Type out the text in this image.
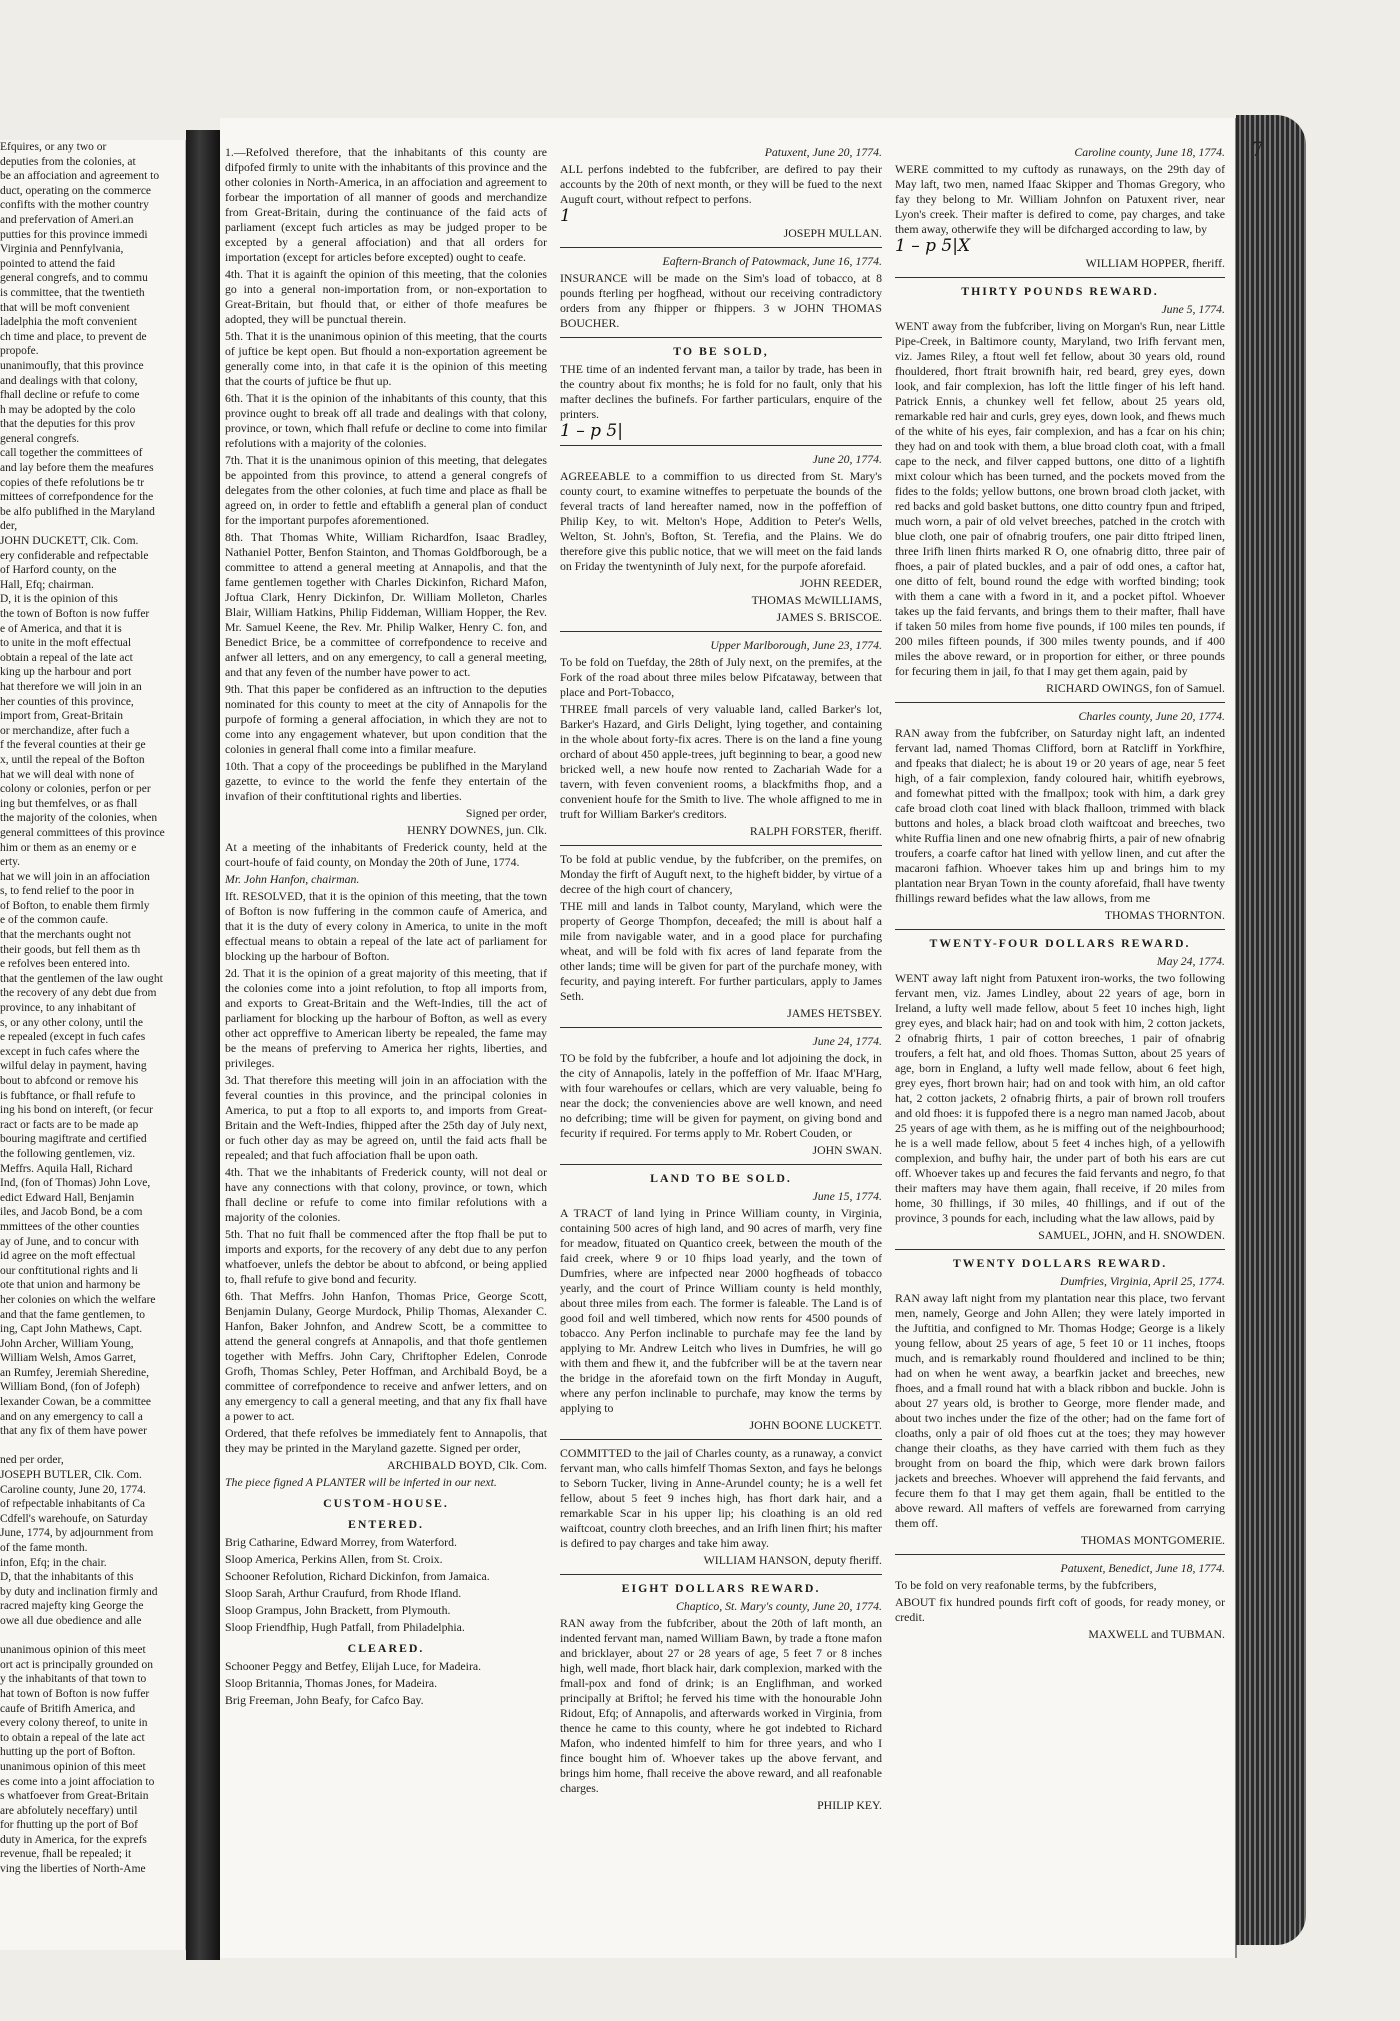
Efquires, or any two or

deputies from the colonies, at

be an affociation and agreement to

duct, operating on the commerce

confifts with the mother country

and prefervation of Ameri.an

putties for this province immedi

Virginia and Pennfylvania,

pointed to attend the faid

general congrefs, and to commu

is committee, that the twentieth

that will be moft convenient

ladelphia the moft convenient

ch time and place, to prevent de

propofe.

unanimoufly, that this province

and dealings with that colony,

fhall decline or refufe to come

h may be adopted by the colo

that the deputies for this prov

general congrefs.

call together the committees of

and lay before them the meafures

copies of thefe refolutions be tr

mittees of correfpondence for the

be alfo publifhed in the Maryland

der,

JOHN DUCKETT, Clk. Com.

ery confiderable and refpectable

of Harford county, on the

Hall, Efq; chairman.

D, it is the opinion of this

the town of Bofton is now fuffer

e of America, and that it is

to unite in the moft effectual

obtain a repeal of the late act

king up the harbour and port

hat therefore we will join in an

her counties of this province,

import from, Great-Britain

or merchandize, after fuch a

f the feveral counties at their ge

x, until the repeal of the Bofton

hat we will deal with none of

colony or colonies, perfon or per

ing but themfelves, or as fhall

the majority of the colonies, when

general committees of this province

him or them as an enemy or e

erty.

hat we will join in an affociation

s, to fend relief to the poor in

of Bofton, to enable them firmly

e of the common caufe.

that the merchants ought not

their goods, but fell them as th

e refolves been entered into.

that the gentlemen of the law ought

the recovery of any debt due from

province, to any inhabitant of

s, or any other colony, until the

e repealed (except in fuch cafes

except in fuch cafes where the

wilful delay in payment, having

bout to abfcond or remove his

is fubftance, or fhall refufe to

ing his bond on intereft, (or fecur

ract or facts are to be made ap

bouring magiftrate and certified

the following gentlemen, viz.

Meffrs. Aquila Hall, Richard

Ind, (fon of Thomas) John Love,

edict Edward Hall, Benjamin

iles, and Jacob Bond, be a com

mmittees of the other counties

ay of June, and to concur with

id agree on the moft effectual

our conftitutional rights and li

ote that union and harmony be

her colonies on which the welfare

and that the fame gentlemen, to

ing, Capt John Mathews, Capt.

John Archer, William Young,

William Welsh, Amos Garret,

an Rumfey, Jeremiah Sheredine,

William Bond, (fon of Jofeph)

lexander Cowan, be a committee

and on any emergency to call a

that any fix of them have power

ned per order,

JOSEPH BUTLER, Clk. Com.

Caroline county, June 20, 1774.

of refpectable inhabitants of Ca

Cdfell's warehoufe, on Saturday

June, 1774, by adjournment from

of the fame month.

infon, Efq; in the chair.

D, that the inhabitants of this

by duty and inclination firmly and

racred majefty king George the

owe all due obedience and alle

unanimous opinion of this meet

ort act is principally grounded on

y the inhabitants of that town to

hat town of Bofton is now fuffer

caufe of Britifh America, and

every colony thereof, to unite in

to obtain a repeal of the late act

hutting up the port of Bofton.

unanimous opinion of this meet

es come into a joint affociation to

s whatfoever from Great-Britain

are abfolutely neceffary) until

for fhutting up the port of Bof

duty in America, for the exprefs

revenue, fhall be repealed; it

ving the liberties of North-Ame

7

1.—Refolved therefore, that the inhabitants of this county are difpofed firmly to unite with the inhabitants of this province and the other colonies in North-America, in an affociation and agreement to forbear the importation of all manner of goods and merchandize from Great-Britain, during the continuance of the faid acts of parliament (except fuch articles as may be judged proper to be excepted by a general affociation) and that all orders for importation (except for articles before excepted) ought to ceafe.

4th. That it is againft the opinion of this meeting, that the colonies go into a general non-importation from, or non-exportation to Great-Britain, but fhould that, or either of thofe meafures be adopted, they will be punctual therein.

5th. That it is the unanimous opinion of this meeting, that the courts of juftice be kept open. But fhould a non-exportation agreement be generally come into, in that cafe it is the opinion of this meeting that the courts of juftice be fhut up.

6th. That it is the opinion of the inhabitants of this county, that this province ought to break off all trade and dealings with that colony, province, or town, which fhall refufe or decline to come into fimilar refolutions with a majority of the colonies.

7th. That it is the unanimous opinion of this meeting, that delegates be appointed from this province, to attend a general congrefs of delegates from the other colonies, at fuch time and place as fhall be agreed on, in order to fettle and eftablifh a general plan of conduct for the important purpofes aforementioned.

8th. That Thomas White, William Richardfon, Isaac Bradley, Nathaniel Potter, Benfon Stainton, and Thomas Goldfborough, be a committee to attend a general meeting at Annapolis, and that the fame gentlemen together with Charles Dickinfon, Richard Mafon, Joftua Clark, Henry Dickinfon, Dr. William Molleton, Charles Blair, William Hatkins, Philip Fiddeman, William Hopper, the Rev. Mr. Samuel Keene, the Rev. Mr. Philip Walker, Henry C. fon, and Benedict Brice, be a committee of correfpondence to receive and anfwer all letters, and on any emergency, to call a general meeting, and that any feven of the number have power to act.

9th. That this paper be confidered as an inftruction to the deputies nominated for this county to meet at the city of Annapolis for the purpofe of forming a general affociation, in which they are not to come into any engagement whatever, but upon condition that the colonies in general fhall come into a fimilar meafure.

10th. That a copy of the proceedings be publifhed in the Maryland gazette, to evince to the world the fenfe they entertain of the invafion of their conftitutional rights and liberties.

Signed per order,

HENRY DOWNES, jun. Clk.

At a meeting of the inhabitants of Frederick county, held at the court-houfe of faid county, on Monday the 20th of June, 1774.

Mr. John Hanfon, chairman.

Ift. RESOLVED, that it is the opinion of this meeting, that the town of Bofton is now fuffering in the common caufe of America, and that it is the duty of every colony in America, to unite in the moft effectual means to obtain a repeal of the late act of parliament for blocking up the harbour of Bofton.

2d. That it is the opinion of a great majority of this meeting, that if the colonies come into a joint refolution, to ftop all imports from, and exports to Great-Britain and the Weft-Indies, till the act of parliament for blocking up the harbour of Bofton, as well as every other act oppreffive to American liberty be repealed, the fame may be the means of preferving to America her rights, liberties, and privileges.

3d. That therefore this meeting will join in an affociation with the feveral counties in this province, and the principal colonies in America, to put a ftop to all exports to, and imports from Great-Britain and the Weft-Indies, fhipped after the 25th day of July next, or fuch other day as may be agreed on, until the faid acts fhall be repealed; and that fuch affociation fhall be upon oath.

4th. That we the inhabitants of Frederick county, will not deal or have any connections with that colony, province, or town, which fhall decline or refufe to come into fimilar refolutions with a majority of the colonies.

5th. That no fuit fhall be commenced after the ftop fhall be put to imports and exports, for the recovery of any debt due to any perfon whatfoever, unlefs the debtor be about to abfcond, or being applied to, fhall refufe to give bond and fecurity.

6th. That Meffrs. John Hanfon, Thomas Price, George Scott, Benjamin Dulany, George Murdock, Philip Thomas, Alexander C. Hanfon, Baker Johnfon, and Andrew Scott, be a committee to attend the general congrefs at Annapolis, and that thofe gentlemen together with Meffrs. John Cary, Chriftopher Edelen, Conrode Grofh, Thomas Schley, Peter Hoffman, and Archibald Boyd, be a committee of correfpondence to receive and anfwer letters, and on any emergency to call a general meeting, and that any fix fhall have a power to act.

Ordered, that thefe refolves be immediately fent to Annapolis, that they may be printed in the Maryland gazette. Signed per order,

ARCHIBALD BOYD, Clk. Com.

The piece figned A PLANTER will be inferted in our next.

CUSTOM-HOUSE.

ENTERED.

Brig Catharine, Edward Morrey, from Waterford.

Sloop America, Perkins Allen, from St. Croix.

Schooner Refolution, Richard Dickinfon, from Jamaica.

Sloop Sarah, Arthur Craufurd, from Rhode Ifland.

Sloop Grampus, John Brackett, from Plymouth.

Sloop Friendfhip, Hugh Patfall, from Philadelphia.

CLEARED.

Schooner Peggy and Betfey, Elijah Luce, for Madeira.

Sloop Britannia, Thomas Jones, for Madeira.

Brig Freeman, John Beafy, for Cafco Bay.

Patuxent, June 20, 1774.

ALL perfons indebted to the fubfcriber, are defired to pay their accounts by the 20th of next month, or they will be fued to the next Auguft court, without refpect to perfons.

1

JOSEPH MULLAN.

Eaftern-Branch of Patowmack, June 16, 1774.

INSURANCE will be made on the Sim's load of tobacco, at 8 pounds fterling per hogfhead, without our receiving contradictory orders from any fhipper or fhippers. 3 w JOHN THOMAS BOUCHER.

TO BE SOLD,

THE time of an indented fervant man, a tailor by trade, has been in the country about fix months; he is fold for no fault, only that his mafter declines the bufinefs. For farther particulars, enquire of the printers.

1 – p 5|

June 20, 1774.

AGREEABLE to a commiffion to us directed from St. Mary's county court, to examine witneffes to perpetuate the bounds of the feveral tracts of land hereafter named, now in the poffeffion of Philip Key, to wit. Melton's Hope, Addition to Peter's Wells, Welton, St. John's, Bofton, St. Terefia, and the Plains. We do therefore give this public notice, that we will meet on the faid lands on Friday the twentyninth of July next, for the purpofe aforefaid.

JOHN REEDER,

THOMAS McWILLIAMS,

JAMES S. BRISCOE.

Upper Marlborough, June 23, 1774.

To be fold on Tuefday, the 28th of July next, on the premifes, at the Fork of the road about three miles below Pifcataway, between that place and Port-Tobacco,

THREE fmall parcels of very valuable land, called Barker's lot, Barker's Hazard, and Girls Delight, lying together, and containing in the whole about forty-fix acres. There is on the land a fine young orchard of about 450 apple-trees, juft beginning to bear, a good new bricked well, a new houfe now rented to Zachariah Wade for a tavern, with feven convenient rooms, a blackfmiths fhop, and a convenient houfe for the Smith to live. The whole affigned to me in truft for William Barker's creditors.

RALPH FORSTER, fheriff.

To be fold at public vendue, by the fubfcriber, on the premifes, on Monday the firft of Auguft next, to the higheft bidder, by virtue of a decree of the high court of chancery,

THE mill and lands in Talbot county, Maryland, which were the property of George Thompfon, deceafed; the mill is about half a mile from navigable water, and in a good place for purchafing wheat, and will be fold with fix acres of land feparate from the other lands; time will be given for part of the purchafe money, with fecurity, and paying intereft. For further particulars, apply to James Seth.

JAMES HETSBEY.

June 24, 1774.

TO be fold by the fubfcriber, a houfe and lot adjoining the dock, in the city of Annapolis, lately in the poffeffion of Mr. Ifaac M'Harg, with four warehoufes or cellars, which are very valuable, being fo near the dock; the conveniencies above are well known, and need no defcribing; time will be given for payment, on giving bond and fecurity if required. For terms apply to Mr. Robert Couden, or

JOHN SWAN.

LAND TO BE SOLD.

June 15, 1774.

A TRACT of land lying in Prince William county, in Virginia, containing 500 acres of high land, and 90 acres of marfh, very fine for meadow, fituated on Quantico creek, between the mouth of the faid creek, where 9 or 10 fhips load yearly, and the town of Dumfries, where are infpected near 2000 hogfheads of tobacco yearly, and the court of Prince William county is held monthly, about three miles from each. The former is faleable. The Land is of good foil and well timbered, which now rents for 4500 pounds of tobacco. Any Perfon inclinable to purchafe may fee the land by applying to Mr. Andrew Leitch who lives in Dumfries, he will go with them and fhew it, and the fubfcriber will be at the tavern near the bridge in the aforefaid town on the firft Monday in Auguft, where any perfon inclinable to purchafe, may know the terms by applying to

JOHN BOONE LUCKETT.

COMMITTED to the jail of Charles county, as a runaway, a convict fervant man, who calls himfelf Thomas Sexton, and fays he belongs to Seborn Tucker, living in Anne-Arundel county; he is a well fet fellow, about 5 feet 9 inches high, has fhort dark hair, and a remarkable Scar in his upper lip; his cloathing is an old red waiftcoat, country cloth breeches, and an Irifh linen fhirt; his mafter is defired to pay charges and take him away.

WILLIAM HANSON, deputy fheriff.

EIGHT DOLLARS REWARD.

Chaptico, St. Mary's county, June 20, 1774.

RAN away from the fubfcriber, about the 20th of laft month, an indented fervant man, named William Bawn, by trade a ftone mafon and bricklayer, about 27 or 28 years of age, 5 feet 7 or 8 inches high, well made, fhort black hair, dark complexion, marked with the fmall-pox and fond of drink; is an Englifhman, and worked principally at Briftol; he ferved his time with the honourable John Ridout, Efq; of Annapolis, and afterwards worked in Virginia, from thence he came to this county, where he got indebted to Richard Mafon, who indented himfelf to him for three years, and who I fince bought him of. Whoever takes up the above fervant, and brings him home, fhall receive the above reward, and all reafonable charges.

PHILIP KEY.

Caroline county, June 18, 1774.

WERE committed to my cuftody as runaways, on the 29th day of May laft, two men, named Ifaac Skipper and Thomas Gregory, who fay they belong to Mr. William Johnfon on Patuxent river, near Lyon's creek. Their mafter is defired to come, pay charges, and take them away, otherwife they will be difcharged according to law, by

1 – p 5|X

WILLIAM HOPPER, fheriff.

THIRTY POUNDS REWARD.

June 5, 1774.

WENT away from the fubfcriber, living on Morgan's Run, near Little Pipe-Creek, in Baltimore county, Maryland, two Irifh fervant men, viz. James Riley, a ftout well fet fellow, about 30 years old, round fhouldered, fhort ftrait brownifh hair, red beard, grey eyes, down look, and fair complexion, has loft the little finger of his left hand. Patrick Ennis, a chunkey well fet fellow, about 25 years old, remarkable red hair and curls, grey eyes, down look, and fhews much of the white of his eyes, fair complexion, and has a fcar on his chin; they had on and took with them, a blue broad cloth coat, with a fmall cape to the neck, and filver capped buttons, one ditto of a lightifh mixt colour which has been turned, and the pockets moved from the fides to the folds; yellow buttons, one brown broad cloth jacket, with red backs and gold basket buttons, one ditto country fpun and ftriped, much worn, a pair of old velvet breeches, patched in the crotch with blue cloth, one pair of ofnabrig troufers, one pair ditto ftriped linen, three Irifh linen fhirts marked R O, one ofnabrig ditto, three pair of fhoes, a pair of plated buckles, and a pair of odd ones, a caftor hat, one ditto of felt, bound round the edge with worfted binding; took with them a cane with a fword in it, and a pocket piftol. Whoever takes up the faid fervants, and brings them to their mafter, fhall have if taken 50 miles from home five pounds, if 100 miles ten pounds, if 200 miles fifteen pounds, if 300 miles twenty pounds, and if 400 miles the above reward, or in proportion for either, or three pounds for fecuring them in jail, fo that I may get them again, paid by

RICHARD OWINGS, fon of Samuel.

Charles county, June 20, 1774.

RAN away from the fubfcriber, on Saturday night laft, an indented fervant lad, named Thomas Clifford, born at Ratcliff in Yorkfhire, and fpeaks that dialect; he is about 19 or 20 years of age, near 5 feet high, of a fair complexion, fandy coloured hair, whitifh eyebrows, and fomewhat pitted with the fmallpox; took with him, a dark grey cafe broad cloth coat lined with black fhalloon, trimmed with black buttons and holes, a black broad cloth waiftcoat and breeches, two white Ruffia linen and one new ofnabrig fhirts, a pair of new ofnabrig troufers, a coarfe caftor hat lined with yellow linen, and cut after the macaroni fafhion. Whoever takes him up and brings him to my plantation near Bryan Town in the county aforefaid, fhall have twenty fhillings reward befides what the law allows, from me

THOMAS THORNTON.

TWENTY-FOUR DOLLARS REWARD.

May 24, 1774.

WENT away laft night from Patuxent iron-works, the two following fervant men, viz. James Lindley, about 22 years of age, born in Ireland, a lufty well made fellow, about 5 feet 10 inches high, light grey eyes, and black hair; had on and took with him, 2 cotton jackets, 2 ofnabrig fhirts, 1 pair of cotton breeches, 1 pair of ofnabrig troufers, a felt hat, and old fhoes. Thomas Sutton, about 25 years of age, born in England, a lufty well made fellow, about 6 feet high, grey eyes, fhort brown hair; had on and took with him, an old caftor hat, 2 cotton jackets, 2 ofnabrig fhirts, a pair of brown roll troufers and old fhoes: it is fuppofed there is a negro man named Jacob, about 25 years of age with them, as he is miffing out of the neighbourhood; he is a well made fellow, about 5 feet 4 inches high, of a yellowifh complexion, and bufhy hair, the under part of both his ears are cut off. Whoever takes up and fecures the faid fervants and negro, fo that their mafters may have them again, fhall receive, if 20 miles from home, 30 fhillings, if 30 miles, 40 fhillings, and if out of the province, 3 pounds for each, including what the law allows, paid by

SAMUEL, JOHN, and H. SNOWDEN.

TWENTY DOLLARS REWARD.

Dumfries, Virginia, April 25, 1774.

RAN away laft night from my plantation near this place, two fervant men, namely, George and John Allen; they were lately imported in the Juftitia, and configned to Mr. Thomas Hodge; George is a likely young fellow, about 25 years of age, 5 feet 10 or 11 inches, ftoops much, and is remarkably round fhouldered and inclined to be thin; had on when he went away, a bearfkin jacket and breeches, new fhoes, and a fmall round hat with a black ribbon and buckle. John is about 27 years old, is brother to George, more flender made, and about two inches under the fize of the other; had on the fame fort of cloaths, only a pair of old fhoes cut at the toes; they may however change their cloaths, as they have carried with them fuch as they brought from on board the fhip, which were dark brown failors jackets and breeches. Whoever will apprehend the faid fervants, and fecure them fo that I may get them again, fhall be entitled to the above reward. All mafters of veffels are forewarned from carrying them off.

THOMAS MONTGOMERIE.

Patuxent, Benedict, June 18, 1774.

To be fold on very reafonable terms, by the fubfcribers,

ABOUT fix hundred pounds firft coft of goods, for ready money, or credit.

MAXWELL and TUBMAN.
